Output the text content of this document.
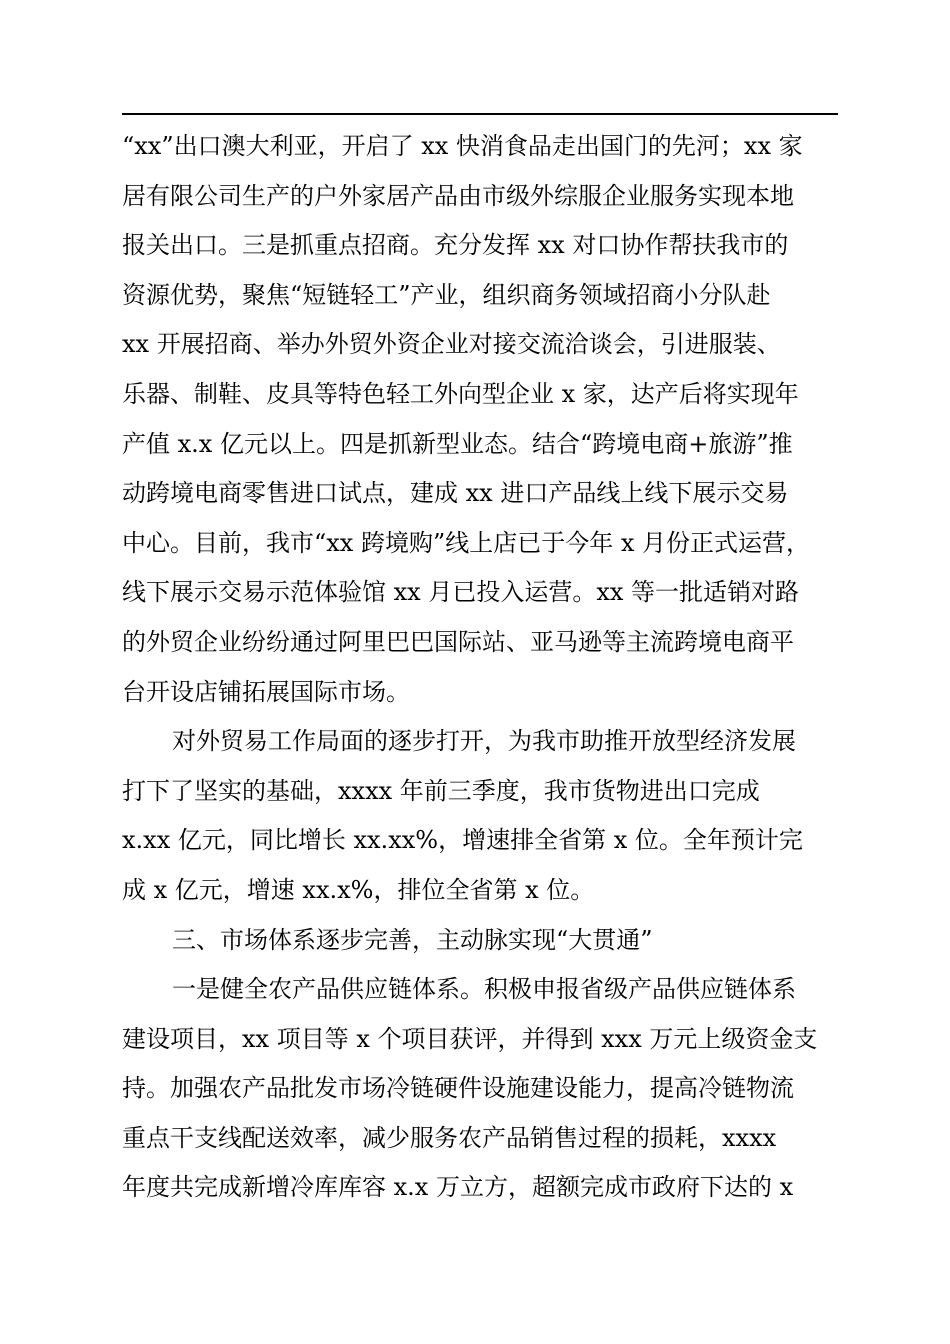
“xx”出口澳大利亚，开启了 xx 快消食品走出国门的先河；xx 家
居有限公司生产的户外家居产品由市级外综服企业服务实现本地
报关出口。三是抓重点招商。充分发挥 xx 对口协作帮扶我市的
资源优势，聚焦“短链轻工”产业，组织商务领域招商小分队赴
xx 开展招商、举办外贸外资企业对接交流洽谈会，引进服装、
乐器、制鞋、皮具等特色轻工外向型企业 x 家，达产后将实现年
产值 x.x 亿元以上。四是抓新型业态。结合“跨境电商+旅游”推
动跨境电商零售进口试点，建成 xx 进口产品线上线下展示交易
中心。目前，我市“xx 跨境购”线上店已于今年 x 月份正式运营，
线下展示交易示范体验馆 xx 月已投入运营。xx 等一批适销对路
的外贸企业纷纷通过阿里巴巴国际站、亚马逊等主流跨境电商平
台开设店铺拓展国际市场。
对外贸易工作局面的逐步打开，为我市助推开放型经济发展
打下了坚实的基础，xxxx 年前三季度，我市货物进出口完成
x.xx 亿元，同比增长 xx.xx%，增速排全省第 x 位。全年预计完
成 x 亿元，增速 xx.x%，排位全省第 x 位。
三、市场体系逐步完善，主动脉实现“大贯通”
一是健全农产品供应链体系。积极申报省级产品供应链体系
建设项目，xx 项目等 x 个项目获评，并得到 xxx 万元上级资金支
持。加强农产品批发市场冷链硬件设施建设能力，提高冷链物流
重点干支线配送效率，减少服务农产品销售过程的损耗，xxxx
年度共完成新增冷库库容 x.x 万立方，超额完成市政府下达的 x
